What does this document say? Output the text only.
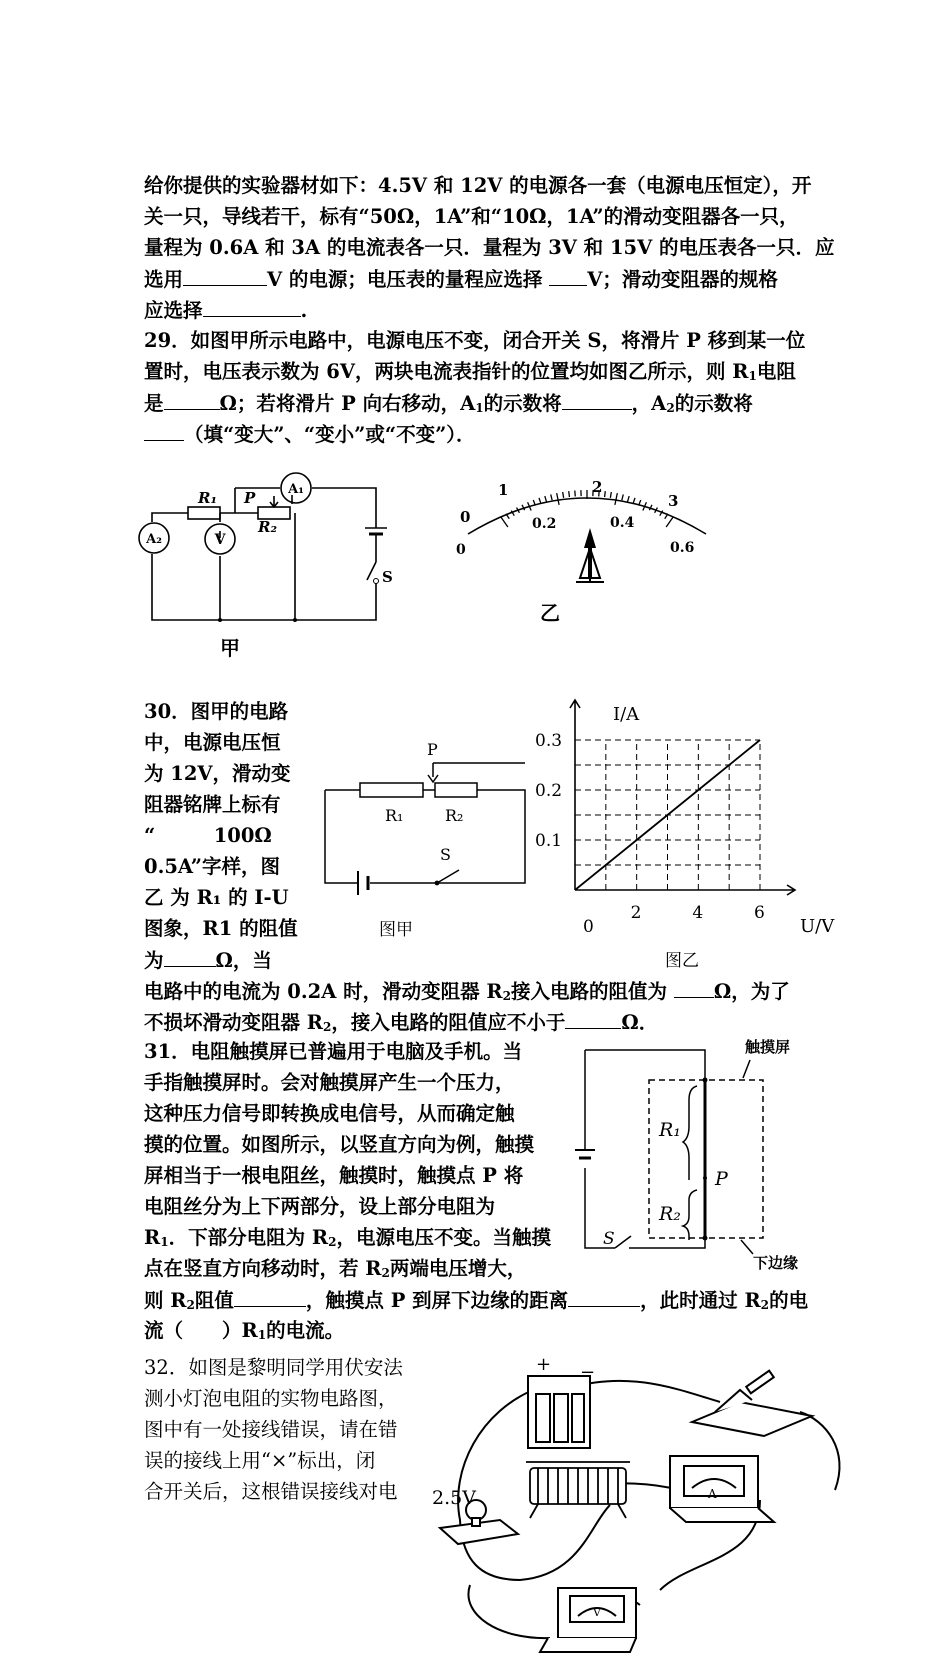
给你提供的实验器材如下：4.5V 和 12V 的电源各一套（电源电压恒定），开
关一只，导线若干，标有“50Ω，1A”和“10Ω，1A”的滑动变阻器各一只，
量程为 0.6A 和 3A 的电流表各一只．量程为 3V 和 15V 的电压表各一只．应
选用	V 的电源；电压表的量程应选择 V；滑动变阻器的规格
应选择	.
29．如图甲所示电路中，电源电压不变，闭合开关 S，将滑片 P 移到某一位
置时，电压表示数为 6V，两块电流表指针的位置均如图乙所示，则 $R_1$电阻
是	Ω；若将滑片 P 向右移动，$A_1$的示数将	，$A_2$的示数将
（填“变大”、“变小”或“不变”）．
A₁
A₂	V
R₁ P
R₂
S
甲
0
1	2
3
0
0.2	0.4
0.6
乙
30．图甲的电路
中，电源电压恒
为 12V，滑动变
阻器铭牌上标有
“　　　100Ω
0.5A”字样，图
乙 为 R₁ 的 I-U
图象，R1 的阻值
为	Ω，当
电路中的电流为 0.2A 时，滑动变阻器 $R_2$接入电路的阻值为 Ω，为了
不损坏滑动变阻器 $R_2$，接入电路的阻值应不小于	Ω．
P
R₁	R₂
S
图甲
2	4	6
0.1
0.2
0.3
I/A
U/V
0
图乙
31．电阻触摸屏已普遍用于电脑及手机。当
手指触摸屏时。会对触摸屏产生一个压力，
这种压力信号即转换成电信号，从而确定触
摸的位置。如图所示，以竖直方向为例，触摸
屏相当于一根电阻丝，触摸时，触摸点 P 将
电阻丝分为上下两部分，设上部分电阻为
$R_1$．下部分电阻为 $R_2$，电源电压不变。当触摸
点在竖直方向移动时，若 $R_2$两端电压增大，
则 $R_2$阻值	，触摸点 P 到屏下边缘的距离	，此时通过 $R_2$的电
流（　　）$R_1$的电流。
触摸屏
下边缘
R₁
R₂
P
S
32．如图是黎明同学用伏安法
测小灯泡电阻的实物电路图，
图中有一处接线错误，请在错
误的接线上用“×”标出，闭
合开关后，这根错误接线对电	A
V
+ −
2.5V
